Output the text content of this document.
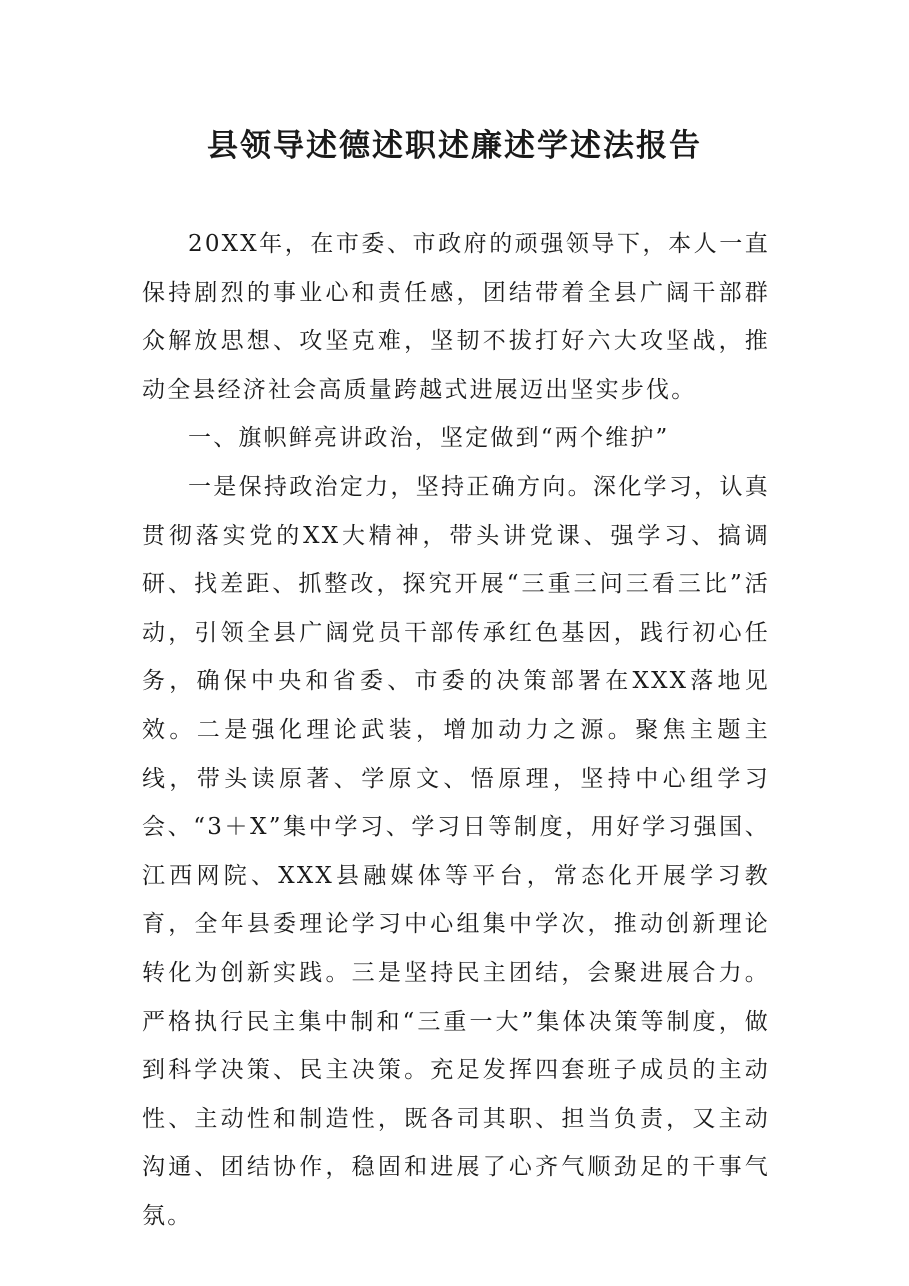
县领导述德述职述廉述学述法报告

20XX年，在市委、市政府的顽强领导下，本人一直保持剧烈的事业心和责任感，团结带着全县广阔干部群众解放思想、攻坚克难，坚韧不拔打好六大攻坚战，推动全县经济社会高质量跨越式进展迈出坚实步伐。

一、旗帜鲜亮讲政治，坚定做到“两个维护”

一是保持政治定力，坚持正确方向。深化学习，认真贯彻落实党的XX大精神，带头讲党课、强学习、搞调研、找差距、抓整改，探究开展“三重三问三看三比”活动，引领全县广阔党员干部传承红色基因，践行初心任务，确保中央和省委、市委的决策部署在XXX落地见效。二是强化理论武装，增加动力之源。聚焦主题主线，带头读原著、学原文、悟原理，坚持中心组学习会、“3＋X”集中学习、学习日等制度，用好学习强国、江西网院、XXX县融媒体等平台，常态化开展学习教育，全年县委理论学习中心组集中学次，推动创新理论转化为创新实践。三是坚持民主团结，会聚进展合力。严格执行民主集中制和“三重一大”集体决策等制度，做到科学决策、民主决策。充足发挥四套班子成员的主动性、主动性和制造性，既各司其职、担当负责，又主动沟通、团结协作，稳固和进展了心齐气顺劲足的干事气氛。
